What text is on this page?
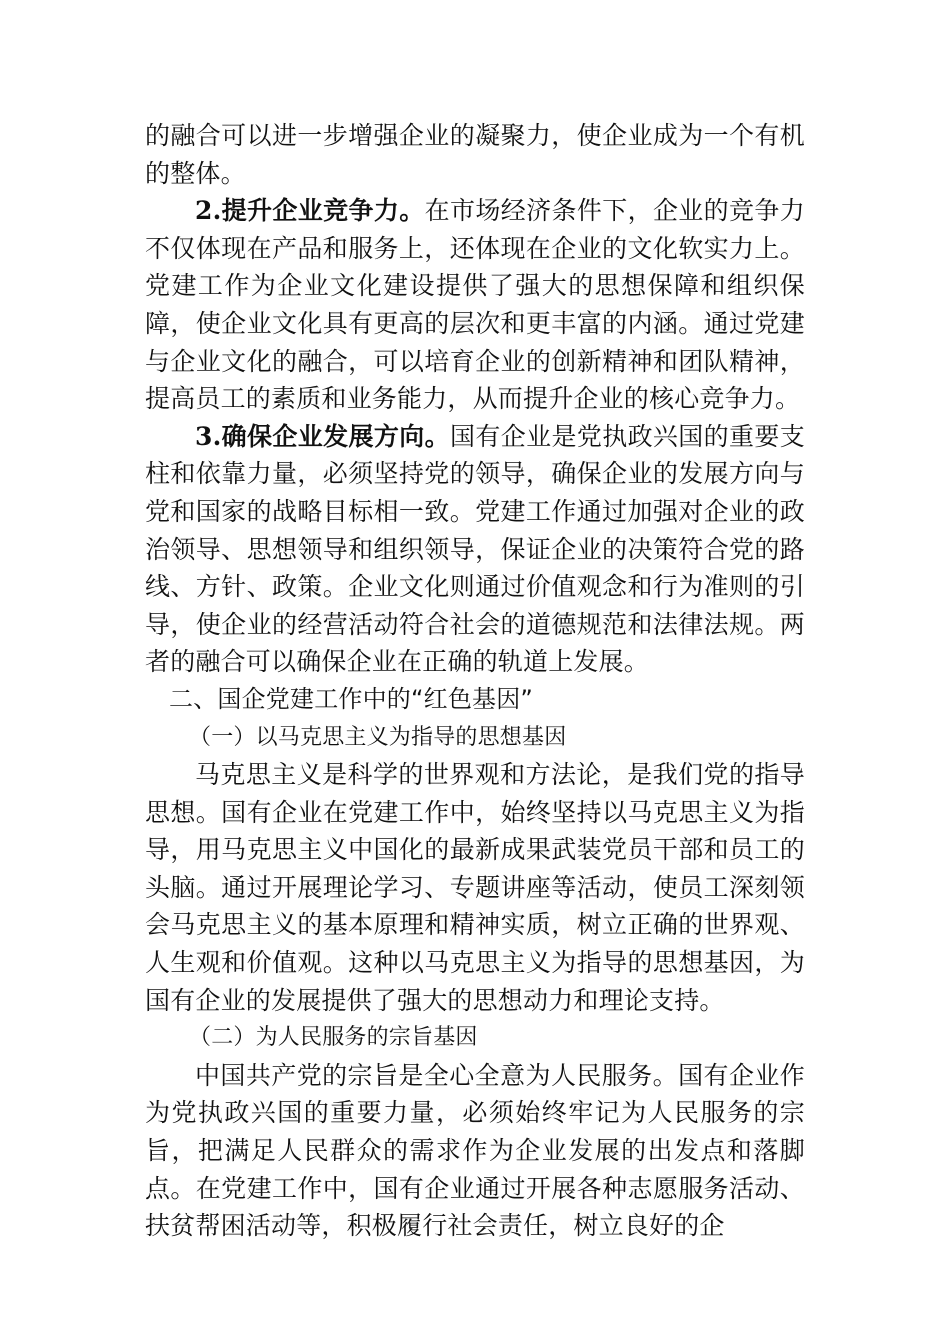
的融合可以进一步增强企业的凝聚力，使企业成为一个有机的整体。

2.提升企业竞争力。在市场经济条件下，企业的竞争力不仅体现在产品和服务上，还体现在企业的文化软实力上。党建工作为企业文化建设提供了强大的思想保障和组织保障，使企业文化具有更高的层次和更丰富的内涵。通过党建与企业文化的融合，可以培育企业的创新精神和团队精神，提高员工的素质和业务能力，从而提升企业的核心竞争力。

3.确保企业发展方向。国有企业是党执政兴国的重要支柱和依靠力量，必须坚持党的领导，确保企业的发展方向与党和国家的战略目标相一致。党建工作通过加强对企业的政治领导、思想领导和组织领导，保证企业的决策符合党的路线、方针、政策。企业文化则通过价值观念和行为准则的引导，使企业的经营活动符合社会的道德规范和法律法规。两者的融合可以确保企业在正确的轨道上发展。

二、国企党建工作中的“红色基因”

（一）以马克思主义为指导的思想基因

马克思主义是科学的世界观和方法论，是我们党的指导思想。国有企业在党建工作中，始终坚持以马克思主义为指导，用马克思主义中国化的最新成果武装党员干部和员工的头脑。通过开展理论学习、专题讲座等活动，使员工深刻领会马克思主义的基本原理和精神实质，树立正确的世界观、人生观和价值观。这种以马克思主义为指导的思想基因，为国有企业的发展提供了强大的思想动力和理论支持。

（二）为人民服务的宗旨基因

中国共产党的宗旨是全心全意为人民服务。国有企业作为党执政兴国的重要力量，必须始终牢记为人民服务的宗旨，把满足人民群众的需求作为企业发展的出发点和落脚点。在党建工作中，国有企业通过开展各种志愿服务活动、扶贫帮困活动等，积极履行社会责任，树立良好的企
